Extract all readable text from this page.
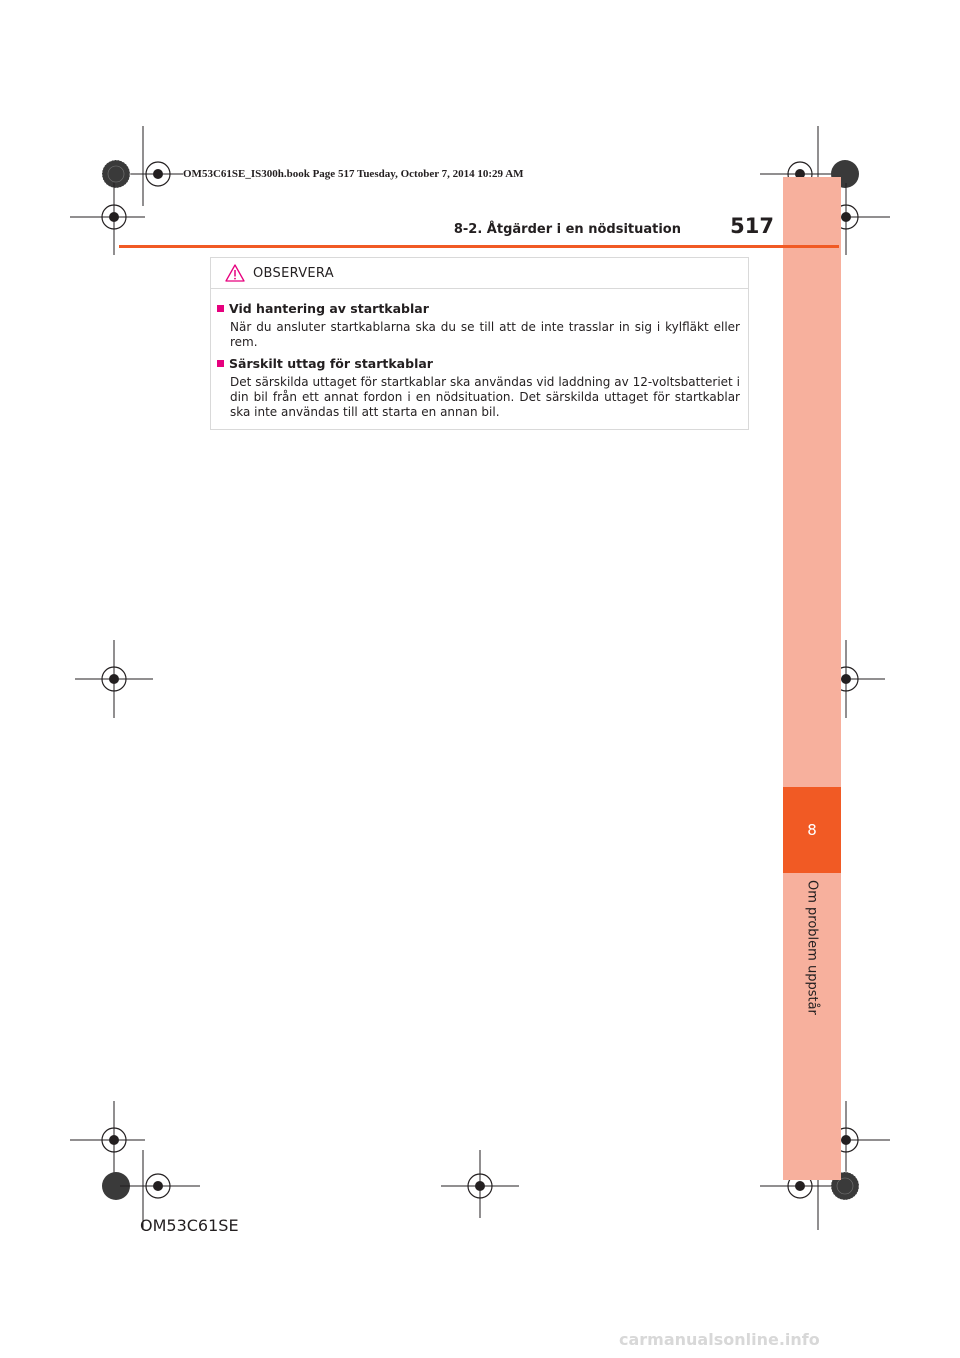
8
Om problem uppstår
OM53C61SE_IS300h.book Page 517 Tuesday, October 7, 2014 10:29 AM
8-2. Åtgärder i en nödsituation 517
OBSERVERA
Vid hantering av startkablar
När du ansluter startkablarna ska du se till att de inte trasslar in sig i kylfläkt eller rem.
Särskilt uttag för startkablar
Det särskilda uttaget för startkablar ska användas vid laddning av 12-voltsbatteriet i din bil från ett annat fordon i en nödsituation. Det särskilda uttaget för startkablar ska inte användas till att starta en annan bil.
OM53C61SE
carmanualsonline.info
